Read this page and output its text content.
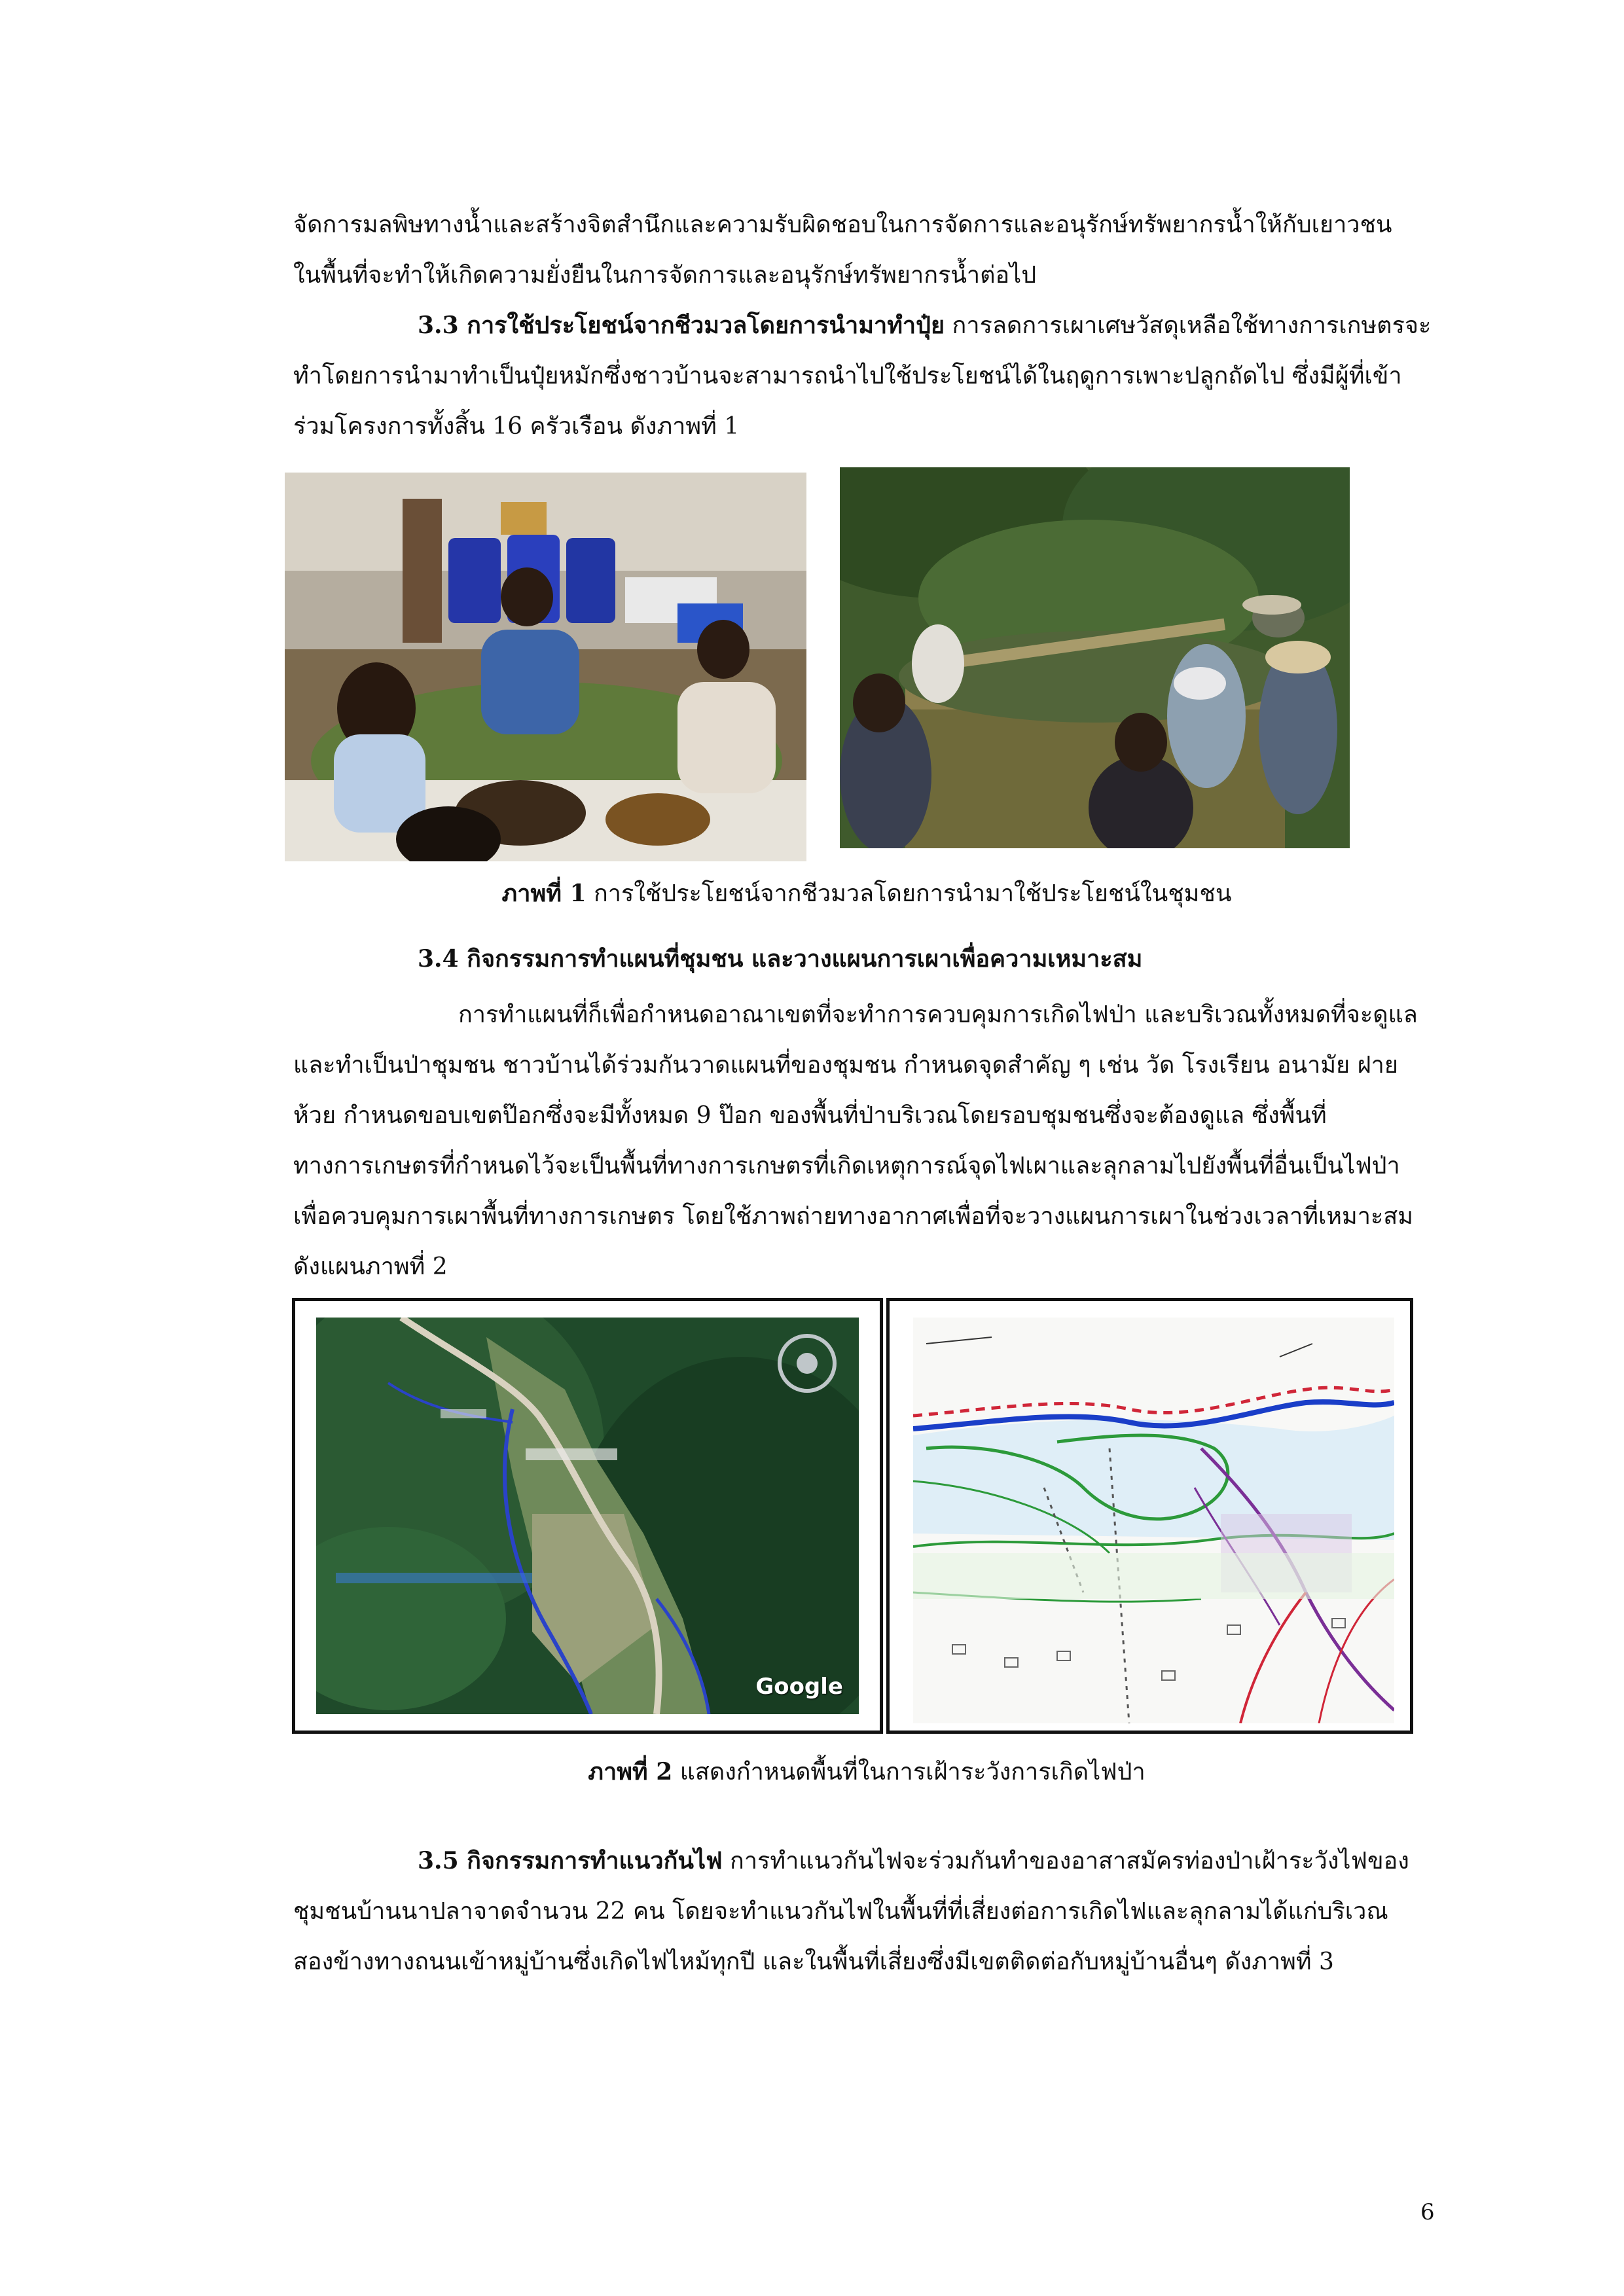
จัดการมลพิษทางน้ำและสร้างจิตสำนึกและความรับผิดชอบในการจัดการและอนุรักษ์ทรัพยากรน้ำให้กับเยาวชน
ในพื้นที่จะทำให้เกิดความยั่งยืนในการจัดการและอนุรักษ์ทรัพยากรน้ำต่อไป
3.3 การใช้ประโยชน์จากชีวมวลโดยการนำมาทำปุ๋ย การลดการเผาเศษวัสดุเหลือใช้ทางการเกษตรจะ
ทำโดยการนำมาทำเป็นปุ๋ยหมักซึ่งชาวบ้านจะสามารถนำไปใช้ประโยชน์ได้ในฤดูการเพาะปลูกถัดไป ซึ่งมีผู้ที่เข้า
ร่วมโครงการทั้งสิ้น 16 ครัวเรือน ดังภาพที่ 1

ภาพที่ 1 การใช้ประโยชน์จากชีวมวลโดยการนำมาใช้ประโยชน์ในชุมชน

3.4 กิจกรรมการทำแผนที่ชุมชน และวางแผนการเผาเพื่อความเหมาะสม

การทำแผนที่ก็เพื่อกำหนดอาณาเขตที่จะทำการควบคุมการเกิดไฟป่า และบริเวณทั้งหมดที่จะดูแล
และทำเป็นป่าชุมชน ชาวบ้านได้ร่วมกันวาดแผนที่ของชุมชน กำหนดจุดสำคัญ ๆ เช่น วัด โรงเรียน อนามัย ฝาย
ห้วย กำหนดขอบเขตป๊อกซึ่งจะมีทั้งหมด 9 ป๊อก ของพื้นที่ป่าบริเวณโดยรอบชุมชนซึ่งจะต้องดูแล ซึ่งพื้นที่
ทางการเกษตรที่กำหนดไว้จะเป็นพื้นที่ทางการเกษตรที่เกิดเหตุการณ์จุดไฟเผาและลุกลามไปยังพื้นที่อื่นเป็นไฟป่า
เพื่อควบคุมการเผาพื้นที่ทางการเกษตร โดยใช้ภาพถ่ายทางอากาศเพื่อที่จะวางแผนการเผาในช่วงเวลาที่เหมาะสม
ดังแผนภาพที่ 2
Google

ภาพที่ 2 แสดงกำหนดพื้นที่ในการเฝ้าระวังการเกิดไฟป่า

3.5 กิจกรรมการทำแนวกันไฟ การทำแนวกันไฟจะร่วมกันทำของอาสาสมัครท่องป่าเฝ้าระวังไฟของ
ชุมชนบ้านนาปลาจาดจำนวน 22 คน โดยจะทำแนวกันไฟในพื้นที่ที่เสี่ยงต่อการเกิดไฟและลุกลามได้แก่บริเวณ
สองข้างทางถนนเข้าหมู่บ้านซึ่งเกิดไฟไหม้ทุกปี และในพื้นที่เสี่ยงซึ่งมีเขตติดต่อกับหมู่บ้านอื่นๆ ดังภาพที่ 3

6
